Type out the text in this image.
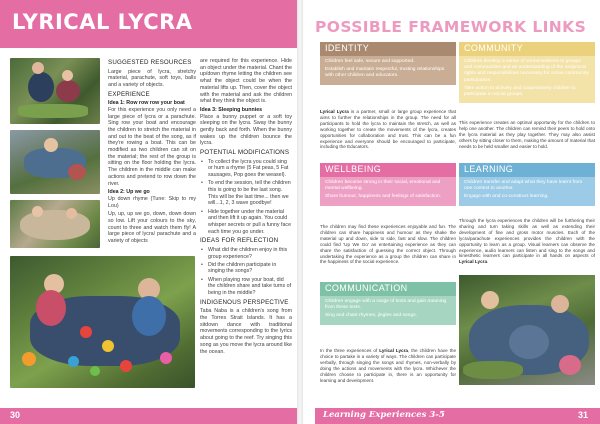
LYRICAL LYCRA
SUGGESTED RESOURCES

Large piece of lycra, stretchy material, parachute, soft toys, balls and a variety of objects.

EXPERIENCE
Idea 1: Row row row your boat

For this experience you only need a large piece of lycra or a parachute. Sing row your boat and encourage the children to stretch the material in and out to the beat of the song, as if they're rowing a boat. This can be modified as two children can sit on the material; the rest of the group is sitting on the floor holding the lycra. The children in the middle can make actions and pretend to row down the river.

Idea 2: Up we go

Up down rhyme (Tune: Skip to my Lou)

Up, up, up we go, down, down down so low. Lift your colours to the sky, count to three and watch them fly! A large piece of lycra/ parachute and a variety of objects

are required for this experience. Hide an object under the material. Chant the up/down rhyme letting the children see what the object could be when the material lifts up. Then, cover the object with the material and ask the children what they think the object is.

Idea 3: Sleeping bunnies

Place a bunny puppet or a soft toy sleeping on the lycra. Sway the bunny gently back and forth. When the bunny wakes up the children bounce the lycra.

POTENTIAL MODIFICATIONS
• To collect the lycra you could sing or hum a rhyme (5 Fat peas, 5 Fat sausages, Pop goes the weasel).
• To end the session, tell the children this is going to be the last song. This will be the last time... then we will...1, 2, 3 wave goodbye!
• Hide together under the material and then lift it up again. You could whisper secrets or pull a funny face each time you go under.
IDEAS FOR REFLECTION
• What did the children enjoy in this group experience?
• Did the children participate in singing the songs?
• When playing row your boat, did the children share and take turns of being in the middle?
INDIGENOUS PERSPECTIVE

Taba Naba is a children's song from the Torres Strait Islands. It has a sitdown dance with traditional movements corresponding to the lyrics about going to the reef. Try singing this song as you move the lycra around like the ocean.

30
POSSIBLE FRAMEWORK LINKS
IDENTITY

Children feel safe, secure and supported.

Establish and maintain respectful, trusting relationships with other children and educators.

Lyrical Lycra is a partner, small or large group experience that aims to further the relationships in the group. The need for all participants to hold the lycra to maintain the stretch, as well as working together to create the movements of the lycra, creates opportunities for collaboration and trust. This can be a fun experience and everyone should be encouraged to participate, including the Educators.
COMMUNITY

Children develop a sense of connectedness to groups and communities and an understanding of the reciprocal rights and responsibilities necessary for active community participation.

Take action to actively and cooperatively children to participate in social groups.

This experience creates an optimal opportunity for the children to help one another. The children can remind their peers to hold onto the lycra material as they play together. They may also assist others by sitting closer to them, making the amount of material that needs to be held smaller and easier to hold.
WELLBEING

Children become strong in their social, emotional and mental wellbeing.

Share humour, happiness and feelings of satisfaction.

The children may find these experiences enjoyable and fun. The children can share happiness and humour as they shake the material up and down, side to side, fast and slow. The children could find 'Up We Go' an entertaining experience as they can share the satisfaction of guessing the correct object. Through undertaking the experience as a group the children can share in the happiness of the social experience.
LEARNING

Children transfer and adapt what they have learnt from one context to another.

Engage with and co-construct learning.

Through the lycra experiences the children will be furthering their sharing and turn taking skills as well as extending their development of fine and gross motor muscles. Each of the lycra/parachute experiences provides the children with the opportunity to learn as a group. Visual learners can observe the experience, audio learners can listen and sing to the songs and kinesthetic learners can participate in all hands on aspects of Lyrical Lycra.
COMMUNICATION

Children engage with a range of texts and gain meaning from these texts.

Sing and chant rhymes, jingles and songs.

In the three experiences of Lyrical Lycra, the children have the choice to partake in a variety of ways. The children can participate verbally, through singing the songs and rhymes, non-verbally by doing the actions and movements with the lycra. Whichever the children choose to participate in, there is an opportunity for learning and development.
Learning Experiences 3-5	31
